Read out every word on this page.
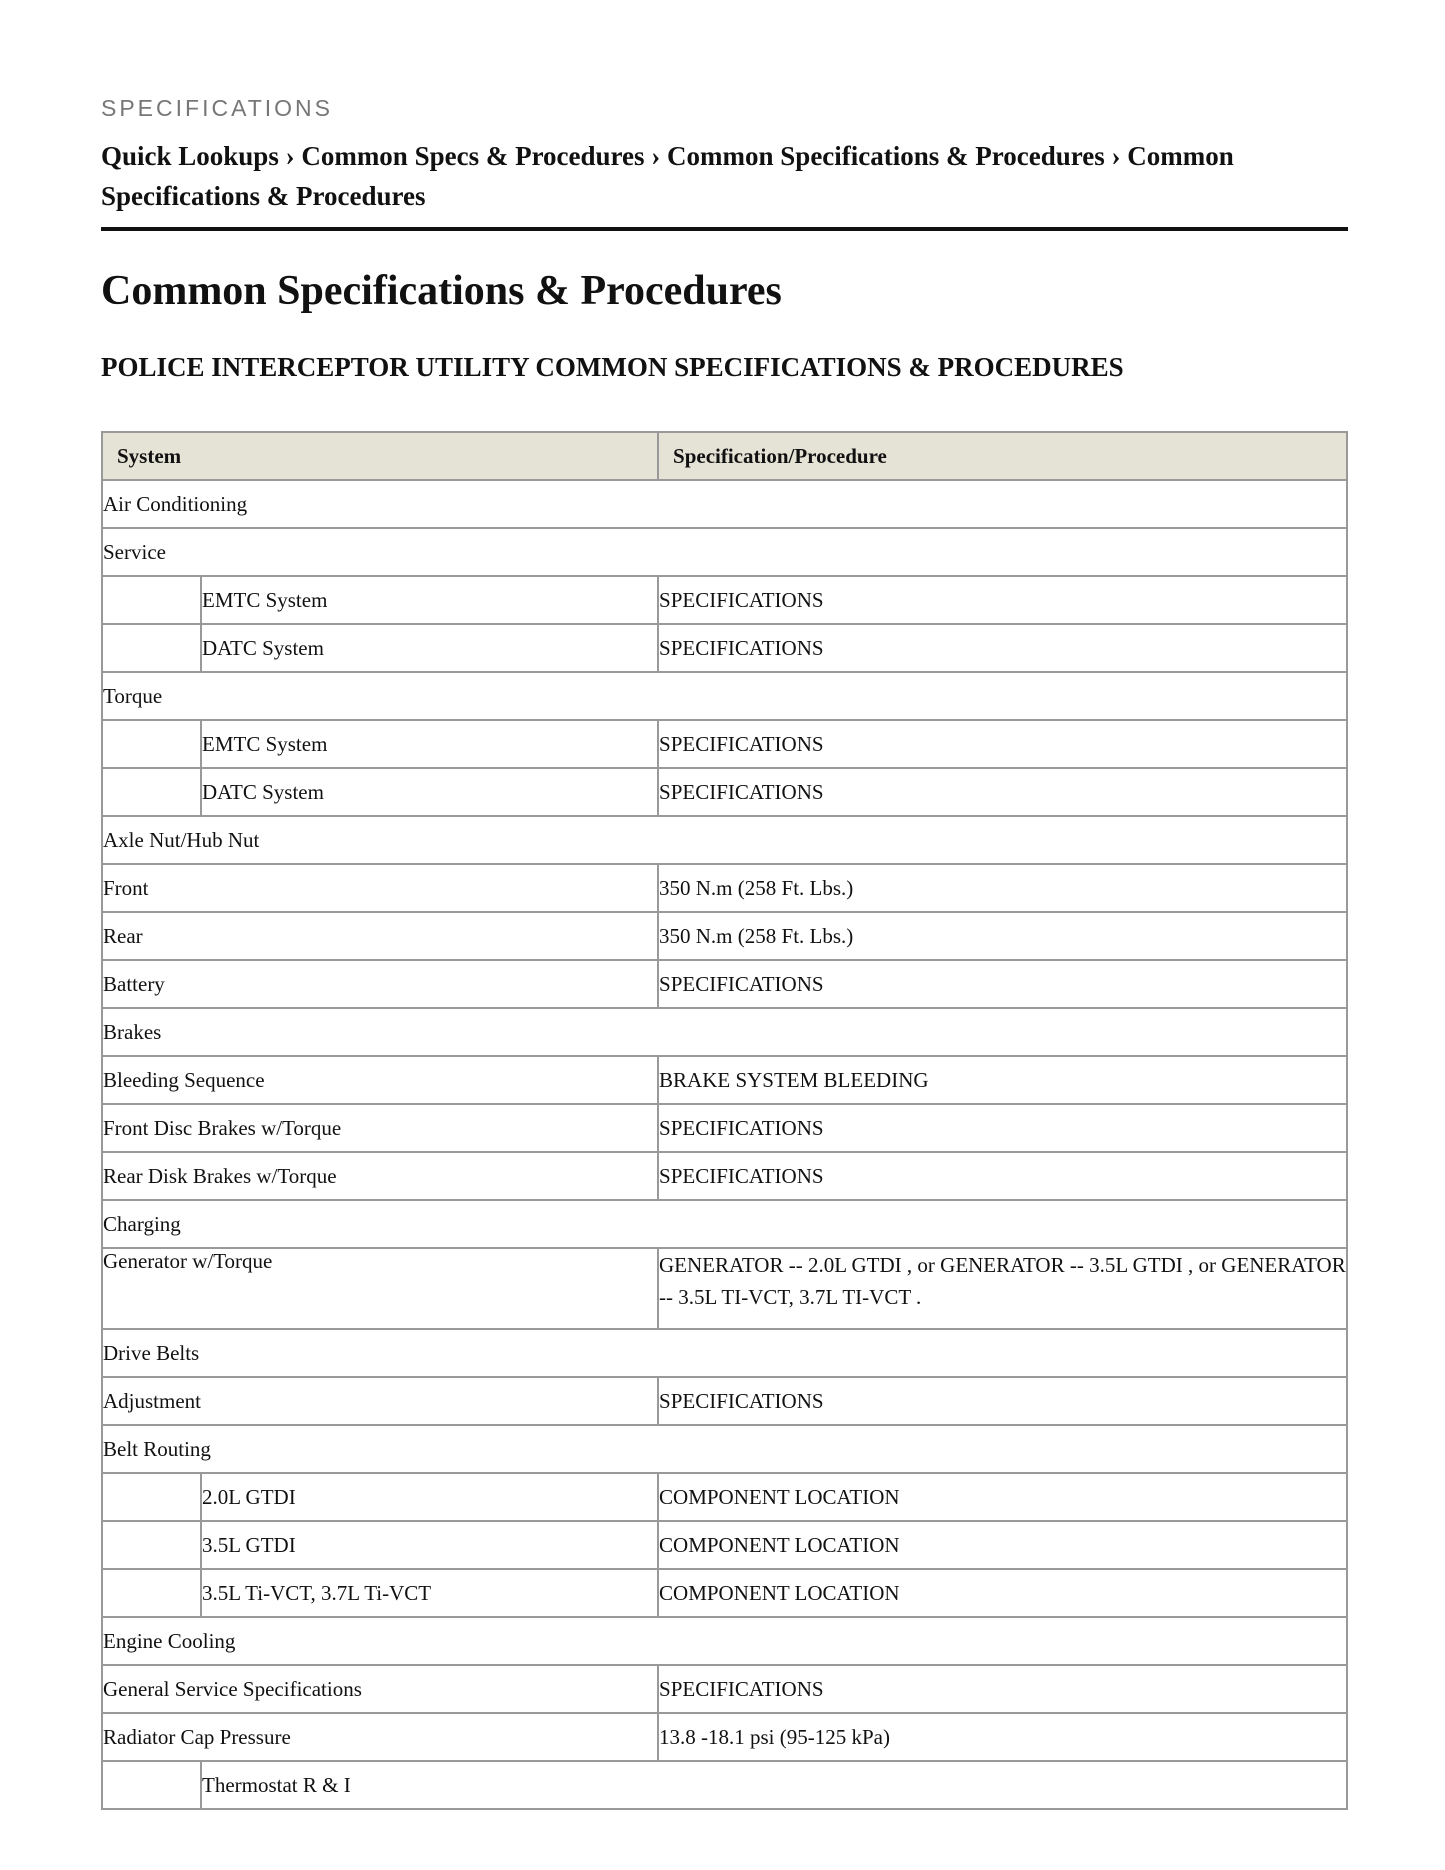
SPECIFICATIONS
Quick Lookups › Common Specs & Procedures › Common Specifications & Procedures › Common Specifications & Procedures
Common Specifications & Procedures
POLICE INTERCEPTOR UTILITY COMMON SPECIFICATIONS & PROCEDURES
System		Specification/Procedure
Air Conditioning		
Service		
	EMTC System	SPECIFICATIONS
	DATC System	SPECIFICATIONS
Torque		
	EMTC System	SPECIFICATIONS
	DATC System	SPECIFICATIONS
Axle Nut/Hub Nut		
Front		350 N.m (258 Ft. Lbs.)
Rear		350 N.m (258 Ft. Lbs.)
Battery		SPECIFICATIONS
Brakes		
Bleeding Sequence		BRAKE SYSTEM BLEEDING
Front Disc Brakes w/Torque		SPECIFICATIONS
Rear Disk Brakes w/Torque		SPECIFICATIONS
Charging		
Generator w/Torque		GENERATOR -- 2.0L GTDI , or GENERATOR -- 3.5L GTDI , or GENERATOR -- 3.5L TI-VCT, 3.7L TI-VCT .
Drive Belts		
Adjustment		SPECIFICATIONS
Belt Routing		
	2.0L GTDI	COMPONENT LOCATION
	3.5L GTDI	COMPONENT LOCATION
	3.5L Ti-VCT, 3.7L Ti-VCT	COMPONENT LOCATION
Engine Cooling		
General Service Specifications		SPECIFICATIONS
Radiator Cap Pressure		13.8 -18.1 psi (95-125 kPa)
	Thermostat R & I	
